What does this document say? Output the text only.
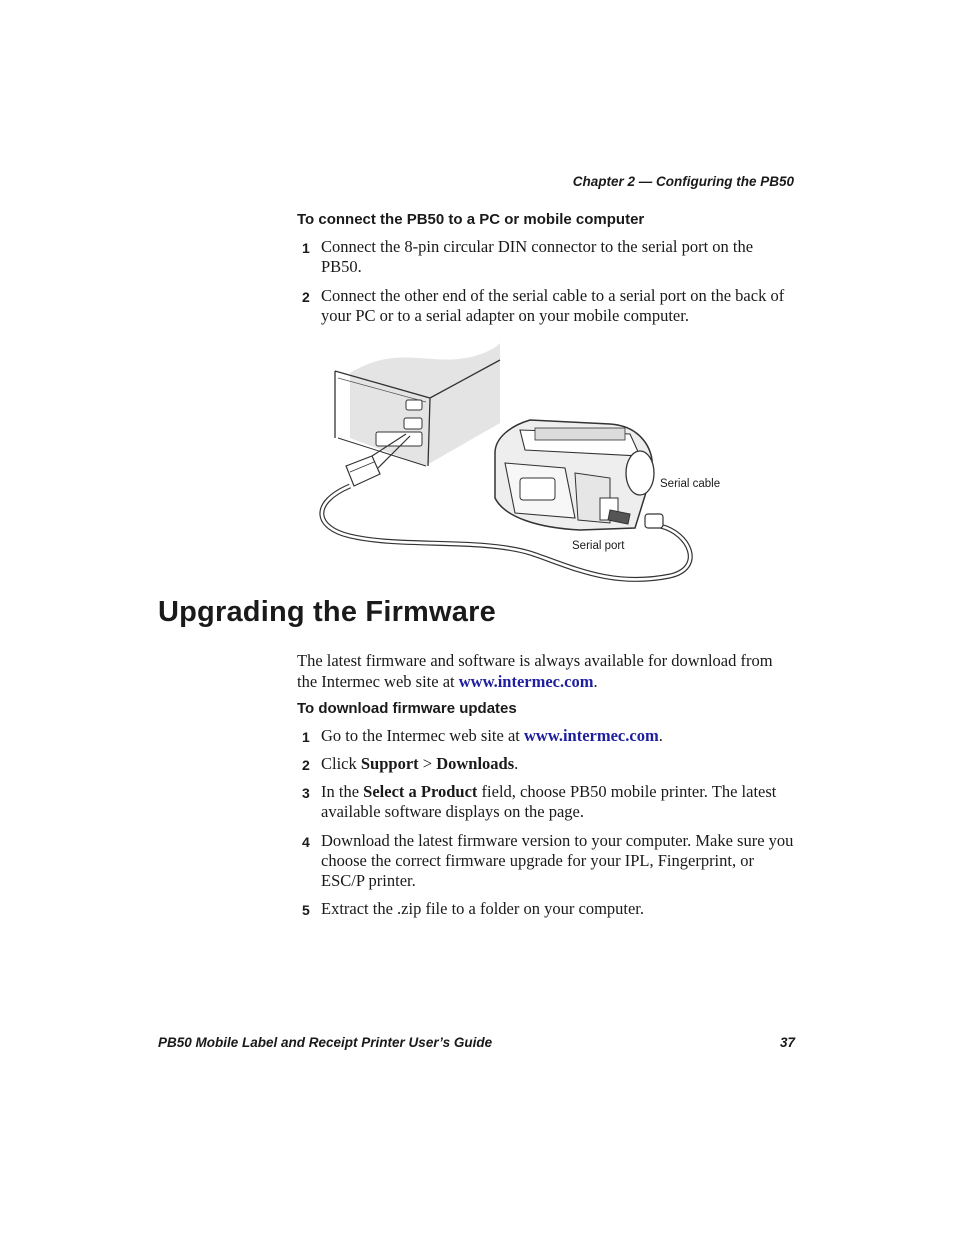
Chapter 2 — Configuring the PB50
To connect the PB50 to a PC or mobile computer
1 Connect the 8-pin circular DIN connector to the serial port on the PB50.
2 Connect the other end of the serial cable to a serial port on the back of your PC or to a serial adapter on your mobile computer.
Serial cable
Serial port
Upgrading the Firmware
The latest firmware and software is always available for download from the Intermec web site at www.intermec.com.
To download firmware updates
1 Go to the Intermec web site at www.intermec.com.
2 Click Support > Downloads.
3 In the Select a Product field, choose PB50 mobile printer. The latest available software displays on the page.
4 Download the latest firmware version to your computer. Make sure you choose the correct firmware upgrade for your IPL, Fingerprint, or ESC/P printer.
5 Extract the .zip file to a folder on your computer.
PB50 Mobile Label and Receipt Printer User’s Guide	37
